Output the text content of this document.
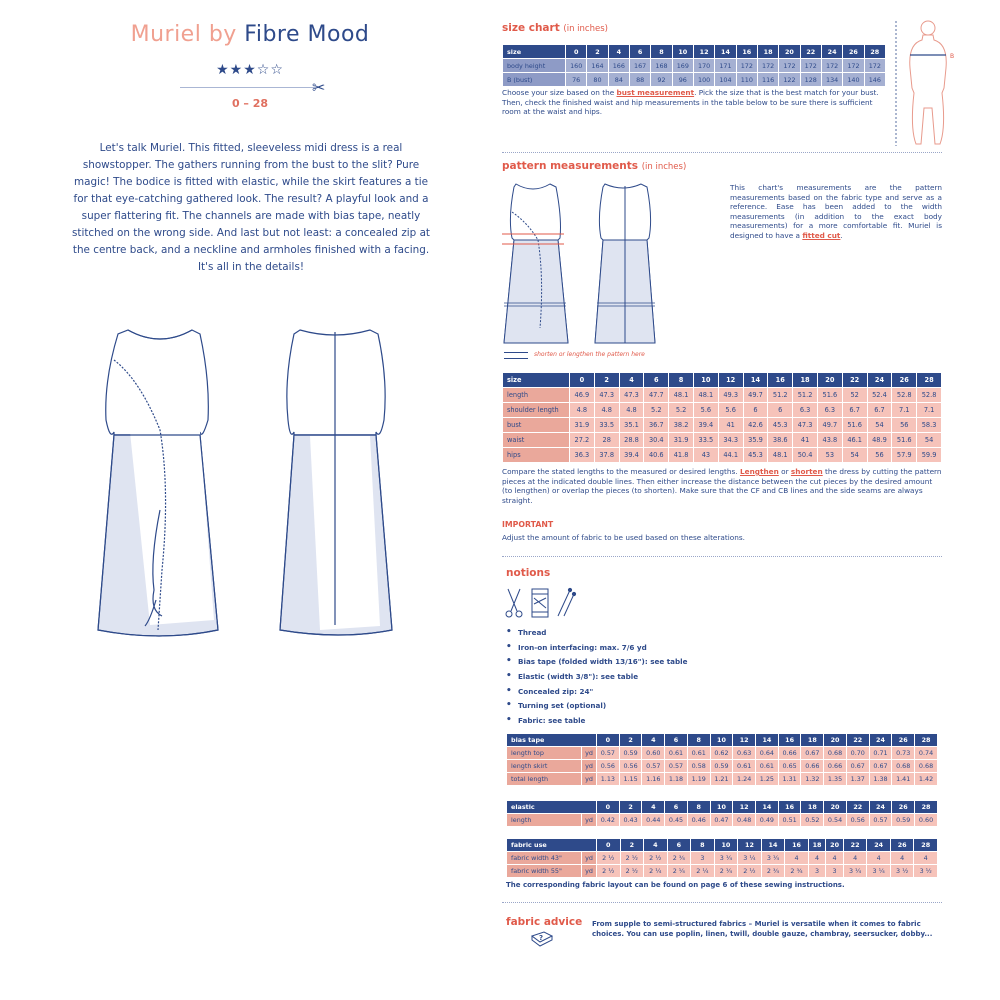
Muriel by Fibre Mood
★★★☆☆
✂
0 – 28
Let's talk Muriel. This fitted, sleeveless midi dress is a real showstopper. The gathers running from the bust to the slit? Pure magic! The bodice is fitted with elastic, while the skirt features a tie for that eye-catching gathered look. The result? A playful look and a super flattering fit. The channels are made with bias tape, neatly stitched on the wrong side. And last but not least: a concealed zip at the centre back, and a neckline and armholes finished with a facing. It's all in the details!
size chart (in inches)
size	0	2	4	6	8	10	12	14	16	18	20	22	24	26	28
body height	160	164	166	167	168	169	170	171	172	172	172	172	172	172	172
B (bust)	76	80	84	88	92	96	100	104	110	116	122	128	134	140	146
Choose your size based on the bust measurement. Pick the size that is the best match for your bust. Then, check the finished waist and hip measurements in the table below to be sure there is sufficient room at the waist and hips.
B
pattern measurements (in inches)
This chart's measurements are the pattern measurements based on the fabric type and serve as a reference. Ease has been added to the width measurements (in addition to the exact body measurements) for a more comfortable fit. Muriel is designed to have a fitted cut.
shorten or lengthen the pattern here
size	0	2	4	6	8	10	12	14	16	18	20	22	24	26	28
length	46.9	47.3	47.3	47.7	48.1	48.1	49.3	49.7	51.2	51.2	51.6	52	52.4	52.8	52.8
shoulder length	4.8	4.8	4.8	5.2	5.2	5.6	5.6	6	6	6.3	6.3	6.7	6.7	7.1	7.1
bust	31.9	33.5	35.1	36.7	38.2	39.4	41	42.6	45.3	47.3	49.7	51.6	54	56	58.3
waist	27.2	28	28.8	30.4	31.9	33.5	34.3	35.9	38.6	41	43.8	46.1	48.9	51.6	54
hips	36.3	37.8	39.4	40.6	41.8	43	44.1	45.3	48.1	50.4	53	54	56	57.9	59.9
Compare the stated lengths to the measured or desired lengths. Lengthen or shorten the dress by cutting the pattern pieces at the indicated double lines. Then either increase the distance between the cut pieces by the desired amount (to lengthen) or overlap the pieces (to shorten). Make sure that the CF and CB lines and the side seams are always straight.
IMPORTANT
Adjust the amount of fabric to be used based on these alterations.
notions
• Thread
• Iron-on interfacing: max. 7/6 yd
• Bias tape (folded width 13/16"): see table
• Elastic (width 3/8"): see table
• Concealed zip: 24"
• Turning set (optional)
• Fabric: see table
bias tape		0	2	4	6	8	10	12	14	16	18	20	22	24	26	28
length top	yd	0.57	0.59	0.60	0.61	0.61	0.62	0.63	0.64	0.66	0.67	0.68	0.70	0.71	0.73	0.74
length skirt	yd	0.56	0.56	0.57	0.57	0.58	0.59	0.61	0.61	0.65	0.66	0.66	0.67	0.67	0.68	0.68
total length	yd	1.13	1.15	1.16	1.18	1.19	1.21	1.24	1.25	1.31	1.32	1.35	1.37	1.38	1.41	1.42
elastic		0	2	4	6	8	10	12	14	16	18	20	22	24	26	28
length	yd	0.42	0.43	0.44	0.45	0.46	0.47	0.48	0.49	0.51	0.52	0.54	0.56	0.57	0.59	0.60
fabric use		0	2	4	6	8	10	12	14	16	18	20	22	24	26	28
fabric width 43"	yd	2 ½	2 ½	2 ½	2 ¾	3	3 ¼	3 ¼	3 ¼	4	4	4	4	4	4	4
fabric width 55"	yd	2 ½	2 ½	2 ¼	2 ¼	2 ¼	2 ¼	2 ½	2 ¾	2 ¾	3	3	3 ¼	3 ¼	3 ½	3 ½
The corresponding fabric layout can be found on page 6 of these sewing instructions.
fabric advice
?
From supple to semi-structured fabrics – Muriel is versatile when it comes to fabric choices. You can use poplin, linen, twill, double gauze, chambray, seersucker, dobby...
